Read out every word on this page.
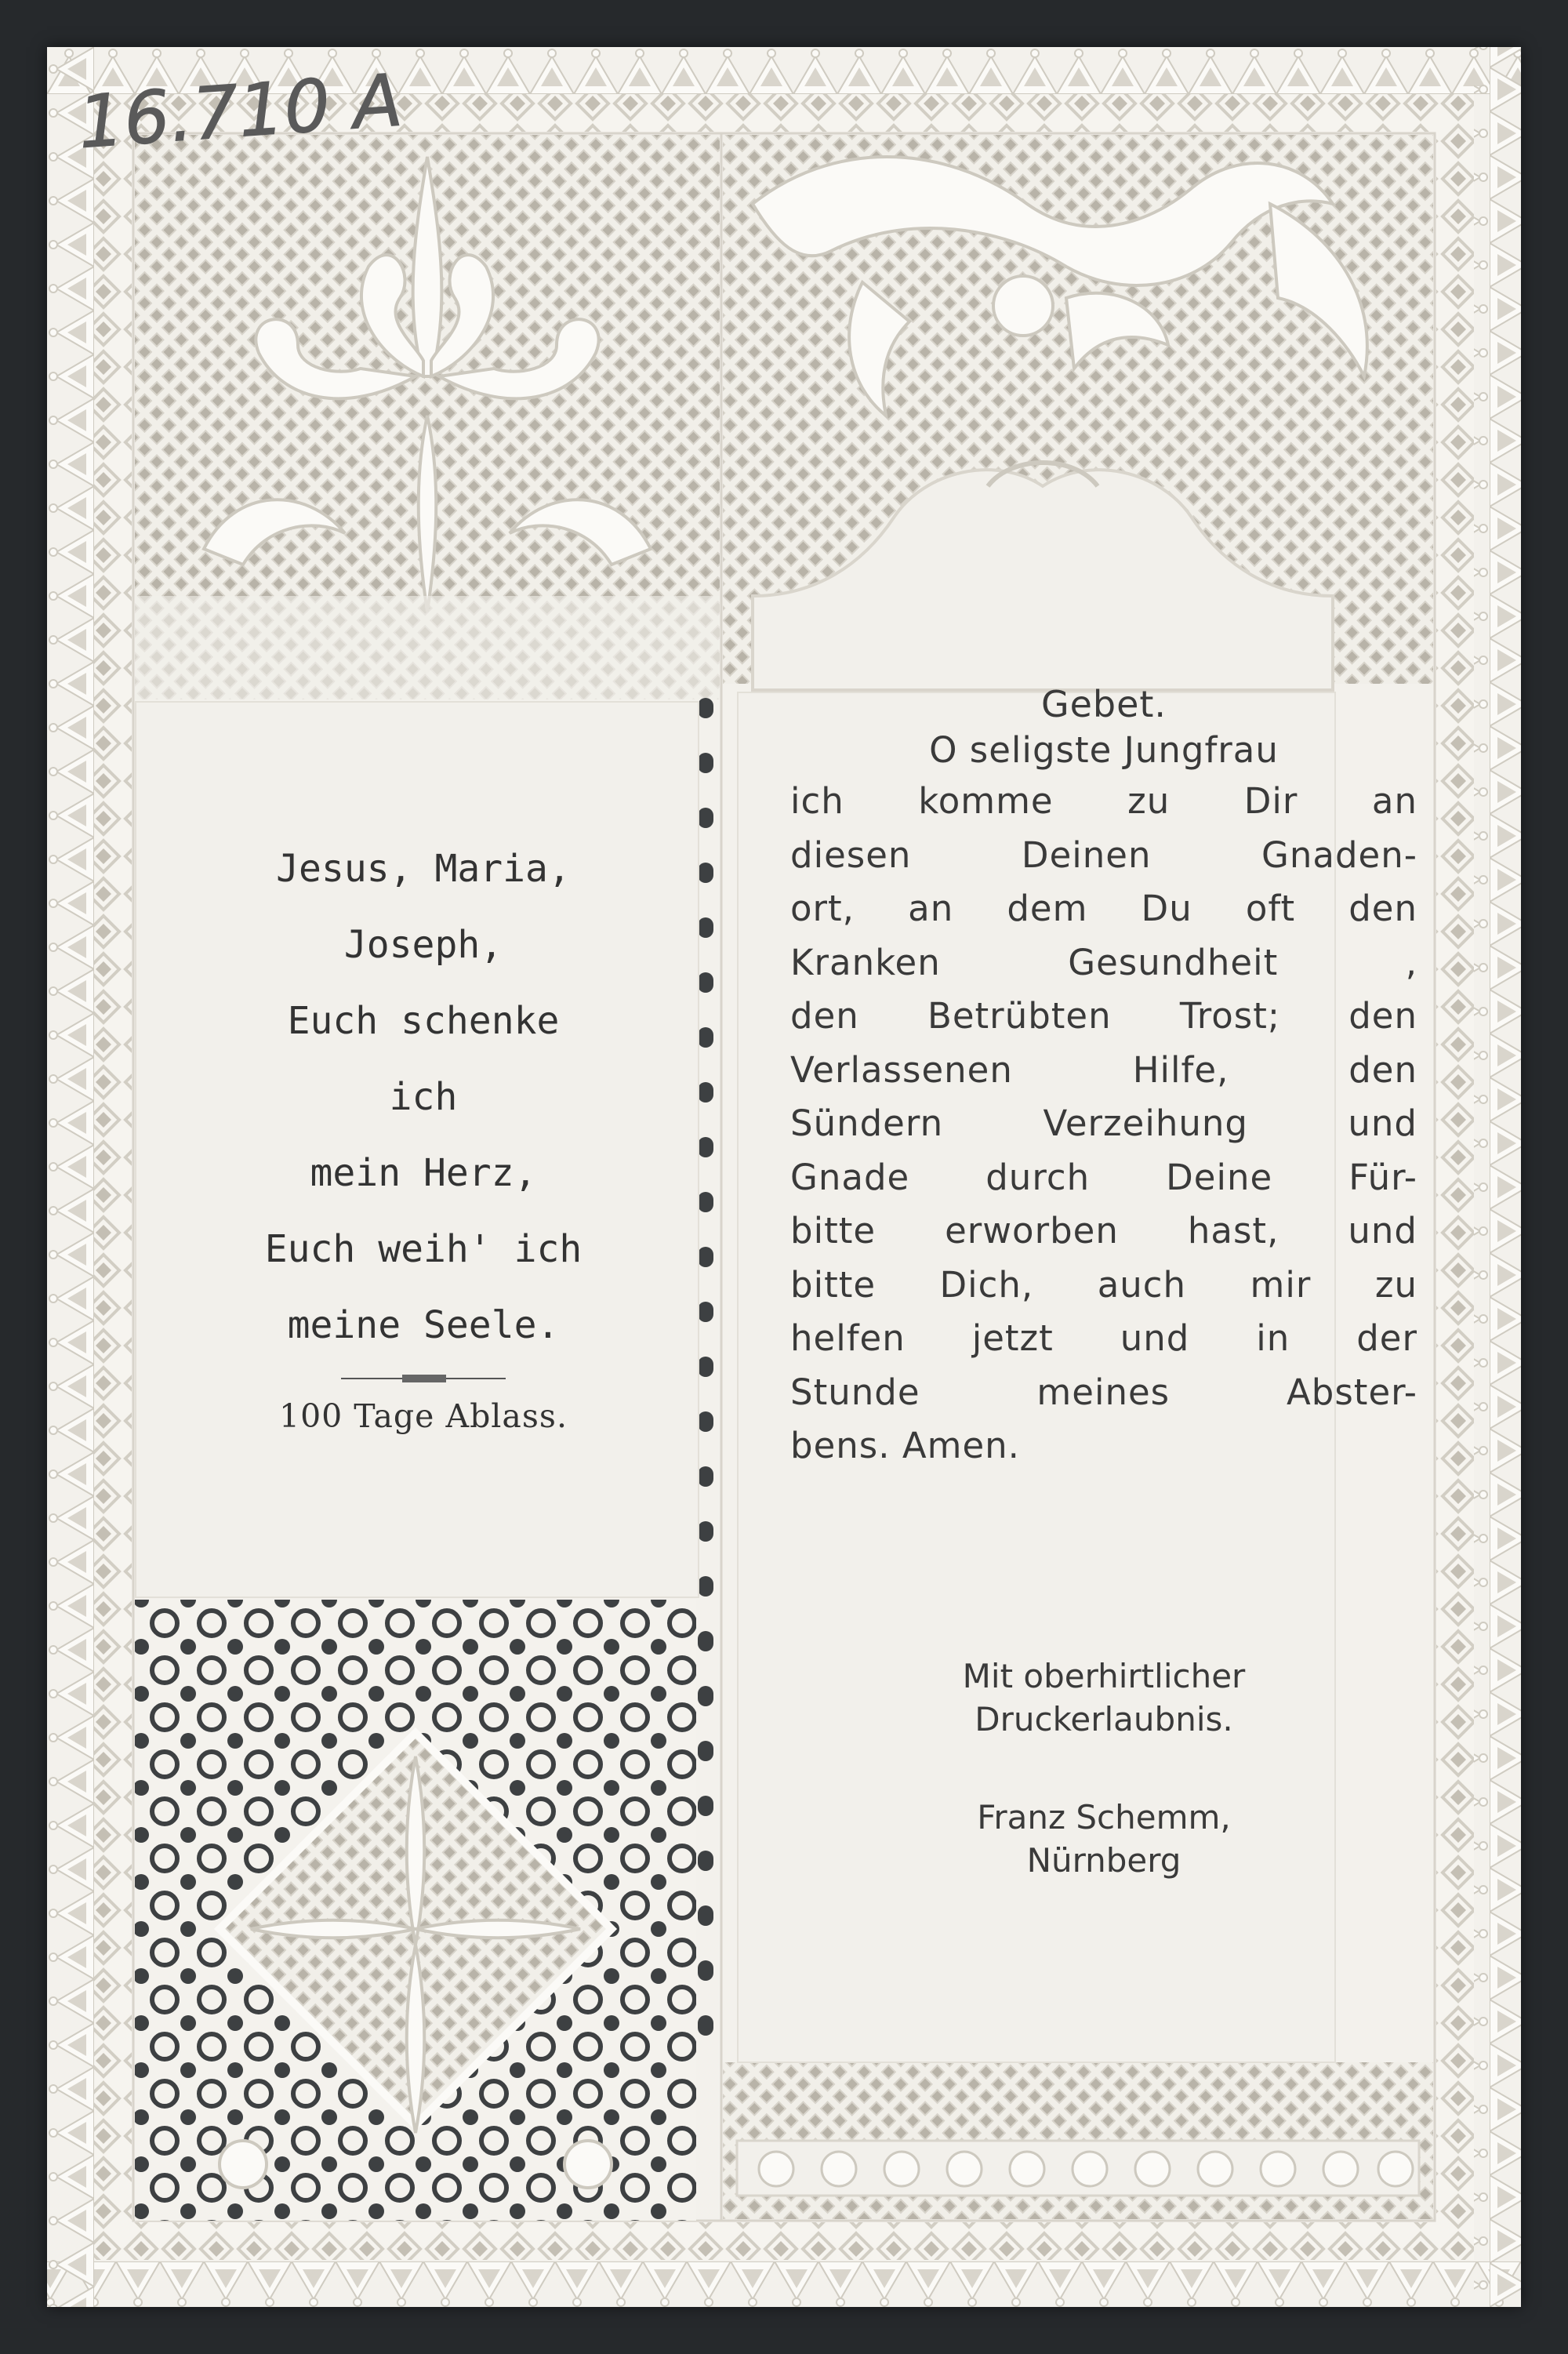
Jesus, Maria,
Joseph,
Euch schenke
ich
mein Herz,
Euch weih' ich
meine Seele.
100 Tage Ablass.
Gebet.
O seligste Jungfrau
ich komme zu Dir an
diesen Deinen Gnaden-
ort, an dem Du oft den
Kranken Gesundheit ,
den Betrübten Trost; den
Verlassenen Hilfe, den
Sündern Verzeihung und
Gnade durch Deine Für-
bitte erworben hast, und
bitte Dich, auch mir zu
helfen jetzt und in der
Stunde meines Abster-
bens. Amen.
Mit oberhirtlicher
Druckerlaubnis.
Franz Schemm,
Nürnberg
16.710 A
